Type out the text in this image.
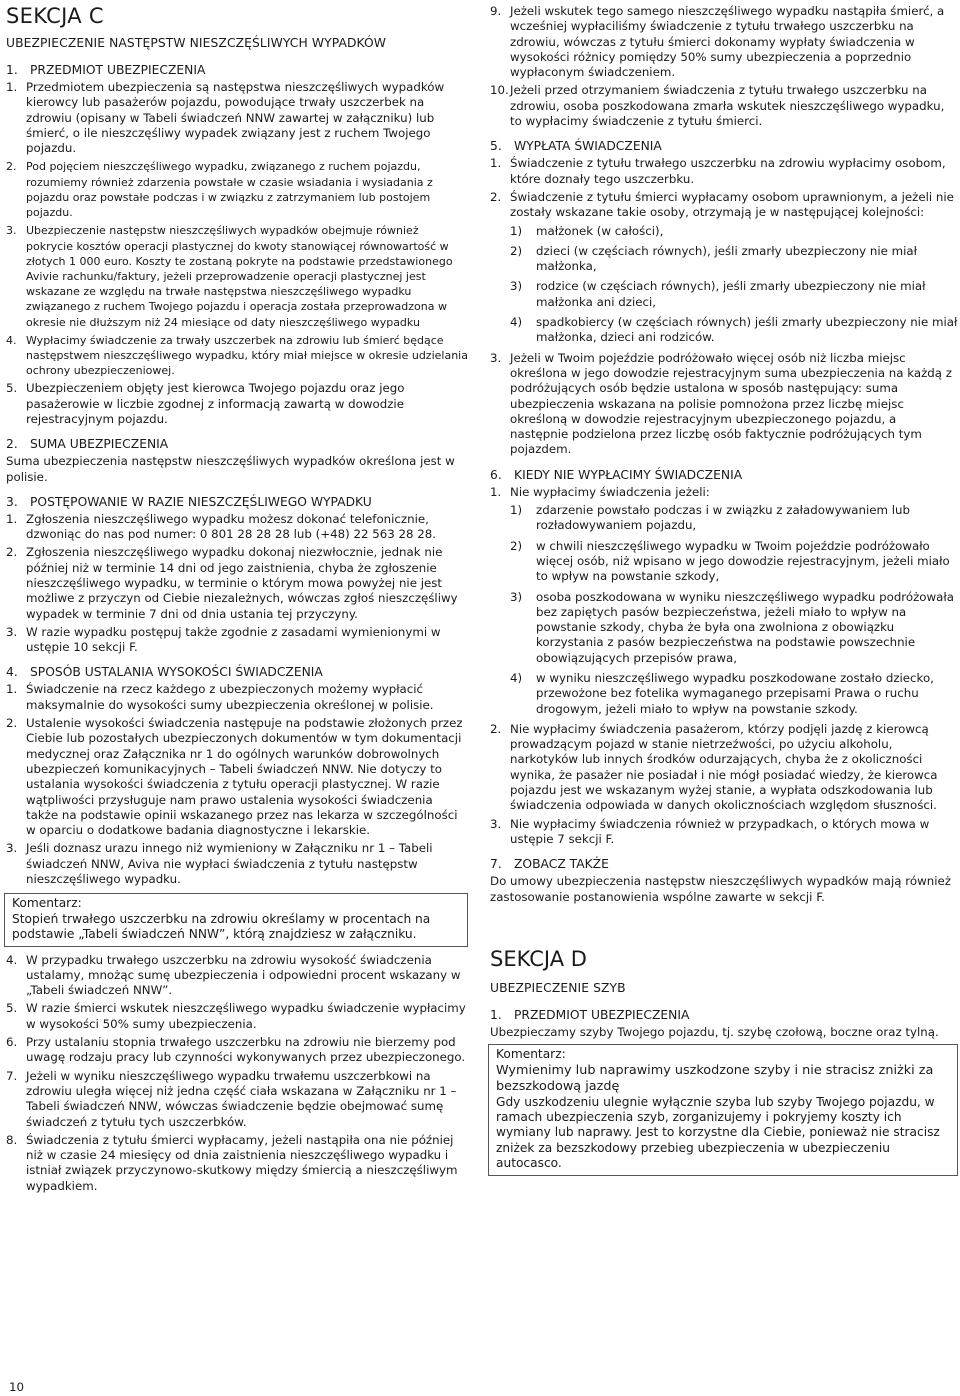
SEKCJA C
UBEZPIECZENIE NASTĘPSTW NIESZCZĘŚLIWYCH WYPADKÓW
1. PRZEDMIOT UBEZPIECZENIA
1. Przedmiotem ubezpieczenia są następstwa nieszczęśliwych wypadków kierowcy lub pasażerów pojazdu, powodujące trwały uszczerbek na zdrowiu (opisany w Tabeli świadczeń NNW zawartej w załączniku) lub śmierć, o ile nieszczęśliwy wypadek związany jest z ruchem Twojego pojazdu.
2. Pod pojęciem nieszczęśliwego wypadku, związanego z ruchem pojazdu, rozumiemy również zdarzenia powstałe w czasie wsiadania i wysiadania z pojazdu oraz powstałe podczas i w związku z zatrzymaniem lub postojem pojazdu.
3. Ubezpieczenie następstw nieszczęśliwych wypadków obejmuje również pokrycie kosztów operacji plastycznej do kwoty stanowiącej równowartość w złotych 1 000 euro. Koszty te zostaną pokryte na podstawie przedstawionego Avivie rachunku/faktury, jeżeli przeprowadzenie operacji plastycznej jest wskazane ze względu na trwałe następstwa nieszczęśliwego wypadku związanego z ruchem Twojego pojazdu i operacja została przeprowadzona w okresie nie dłuższym niż 24 miesiące od daty nieszczęśliwego wypadku
4. Wypłacimy świadczenie za trwały uszczerbek na zdrowiu lub śmierć będące następstwem nieszczęśliwego wypadku, który miał miejsce w okresie udzielania ochrony ubezpieczeniowej.
5. Ubezpieczeniem objęty jest kierowca Twojego pojazdu oraz jego pasażerowie w liczbie zgodnej z informacją zawartą w dowodzie rejestracyjnym pojazdu.
2. SUMA UBEZPIECZENIA
Suma ubezpieczenia następstw nieszczęśliwych wypadków określona jest w polisie.
3. POSTĘPOWANIE W RAZIE NIESZCZĘŚLIWEGO WYPADKU
1. Zgłoszenia nieszczęśliwego wypadku możesz dokonać telefonicznie, dzwoniąc do nas pod numer: 0 801 28 28 28 lub (+48) 22 563 28 28.
2. Zgłoszenia nieszczęśliwego wypadku dokonaj niezwłocznie, jednak nie później niż w terminie 14 dni od jego zaistnienia, chyba że zgłoszenie nieszczęśliwego wypadku, w terminie o którym mowa powyżej nie jest możliwe z przyczyn od Ciebie niezależnych, wówczas zgłoś nieszczęśliwy wypadek w terminie 7 dni od dnia ustania tej przyczyny.
3. W razie wypadku postępuj także zgodnie z zasadami wymienionymi w ustępie 10 sekcji F.
4. SPOSÓB USTALANIA WYSOKOŚCI ŚWIADCZENIA
1. Świadczenie na rzecz każdego z ubezpieczonych możemy wypłacić maksymalnie do wysokości sumy ubezpieczenia określonej w polisie.
2. Ustalenie wysokości świadczenia następuje na podstawie złożonych przez Ciebie lub pozostałych ubezpieczonych dokumentów w tym dokumentacji medycznej oraz Załącznika nr 1 do ogólnych warunków dobrowolnych ubezpieczeń komunikacyjnych – Tabeli świadczeń NNW. Nie dotyczy to ustalania wysokości świadczenia z tytułu operacji plastycznej. W razie wątpliwości przysługuje nam prawo ustalenia wysokości świadczenia także na podstawie opinii wskazanego przez nas lekarza w szczególności w oparciu o dodatkowe badania diagnostyczne i lekarskie.
3. Jeśli doznasz urazu innego niż wymieniony w Załączniku nr 1 – Tabeli świadczeń NNW, Aviva nie wypłaci świadczenia z tytułu następstw nieszczęśliwego wypadku.
Komentarz:
Stopień trwałego uszczerbku na zdrowiu określamy w procentach na podstawie „Tabeli świadczeń NNW”, którą znajdziesz w załączniku.
4. W przypadku trwałego uszczerbku na zdrowiu wysokość świadczenia ustalamy, mnożąc sumę ubezpieczenia i odpowiedni procent wskazany w „Tabeli świadczeń NNW”.
5. W razie śmierci wskutek nieszczęśliwego wypadku świadczenie wypłacimy w wysokości 50% sumy ubezpieczenia.
6. Przy ustalaniu stopnia trwałego uszczerbku na zdrowiu nie bierzemy pod uwagę rodzaju pracy lub czynności wykonywanych przez ubezpieczonego.
7. Jeżeli w wyniku nieszczęśliwego wypadku trwałemu uszczerbkowi na zdrowiu uległa więcej niż jedna część ciała wskazana w Załączniku nr 1 – Tabeli świadczeń NNW, wówczas świadczenie będzie obejmować sumę świadczeń z tytułu tych uszczerbków.
8. Świadczenia z tytułu śmierci wypłacamy, jeżeli nastąpiła ona nie później niż w czasie 24 miesięcy od dnia zaistnienia nieszczęśliwego wypadku i istniał związek przyczynowo-skutkowy między śmiercią a nieszczęśliwym wypadkiem.
9. Jeżeli wskutek tego samego nieszczęśliwego wypadku nastąpiła śmierć, a wcześniej wypłaciliśmy świadczenie z tytułu trwałego uszczerbku na zdrowiu, wówczas z tytułu śmierci dokonamy wypłaty świadczenia w wysokości różnicy pomiędzy 50% sumy ubezpieczenia a poprzednio wypłaconym świadczeniem.
10. Jeżeli przed otrzymaniem świadczenia z tytułu trwałego uszczerbku na zdrowiu, osoba poszkodowana zmarła wskutek nieszczęśliwego wypadku, to wypłacimy świadczenie z tytułu śmierci.
5. WYPŁATA ŚWIADCZENIA
1. Świadczenie z tytułu trwałego uszczerbku na zdrowiu wypłacimy osobom, które doznały tego uszczerbku.
2. Świadczenie z tytułu śmierci wypłacamy osobom uprawnionym, a jeżeli nie zostały wskazane takie osoby, otrzymają je w następującej kolejności:
1) małżonek (w całości),
2) dzieci (w częściach równych), jeśli zmarły ubezpieczony nie miał małżonka,
3) rodzice (w częściach równych), jeśli zmarły ubezpieczony nie miał małżonka ani dzieci,
4) spadkobiercy (w częściach równych) jeśli zmarły ubezpieczony nie miał małżonka, dzieci ani rodziców.
3. Jeżeli w Twoim pojeździe podróżowało więcej osób niż liczba miejsc określona w jego dowodzie rejestracyjnym suma ubezpieczenia na każdą z podróżujących osób będzie ustalona w sposób następujący: suma ubezpieczenia wskazana na polisie pomnożona przez liczbę miejsc określoną w dowodzie rejestracyjnym ubezpieczonego pojazdu, a następnie podzielona przez liczbę osób faktycznie podróżujących tym pojazdem.
6. KIEDY NIE WYPŁACIMY ŚWIADCZENIA
1. Nie wypłacimy świadczenia jeżeli:
1) zdarzenie powstało podczas i w związku z załadowywaniem lub rozładowywaniem pojazdu,
2) w chwili nieszczęśliwego wypadku w Twoim pojeździe podróżowało więcej osób, niż wpisano w jego dowodzie rejestracyjnym, jeżeli miało to wpływ na powstanie szkody,
3) osoba poszkodowana w wyniku nieszczęśliwego wypadku podróżowała bez zapiętych pasów bezpieczeństwa, jeżeli miało to wpływ na powstanie szkody, chyba że była ona zwolniona z obowiązku korzystania z pasów bezpieczeństwa na podstawie powszechnie obowiązujących przepisów prawa,
4) w wyniku nieszczęśliwego wypadku poszkodowane zostało dziecko, przewożone bez fotelika wymaganego przepisami Prawa o ruchu drogowym, jeżeli miało to wpływ na powstanie szkody.
2. Nie wypłacimy świadczenia pasażerom, którzy podjęli jazdę z kierowcą prowadzącym pojazd w stanie nietrzeźwości, po użyciu alkoholu, narkotyków lub innych środków odurzających, chyba że z okoliczności wynika, że pasażer nie posiadał i nie mógł posiadać wiedzy, że kierowca pojazdu jest we wskazanym wyżej stanie, a wypłata odszkodowania lub świadczenia odpowiada w danych okolicznościach względom słuszności.
3. Nie wypłacimy świadczenia również w przypadkach, o których mowa w ustępie 7 sekcji F.
7. ZOBACZ TAKŻE
Do umowy ubezpieczenia następstw nieszczęśliwych wypadków mają również zastosowanie postanowienia wspólne zawarte w sekcji F.
SEKCJA D
UBEZPIECZENIE SZYB
1. PRZEDMIOT UBEZPIECZENIA
Ubezpieczamy szyby Twojego pojazdu, tj. szybę czołową, boczne oraz tylną.
Komentarz:
Wymienimy lub naprawimy uszkodzone szyby i nie stracisz zniżki za bezszkodową jazdę
Gdy uszkodzeniu ulegnie wyłącznie szyba lub szyby Twojego pojazdu, w ramach ubezpieczenia szyb, zorganizujemy i pokryjemy koszty ich wymiany lub naprawy. Jest to korzystne dla Ciebie, ponieważ nie stracisz zniżek za bezszkodowy przebieg ubezpieczenia w ubezpieczeniu autocasco.
10
